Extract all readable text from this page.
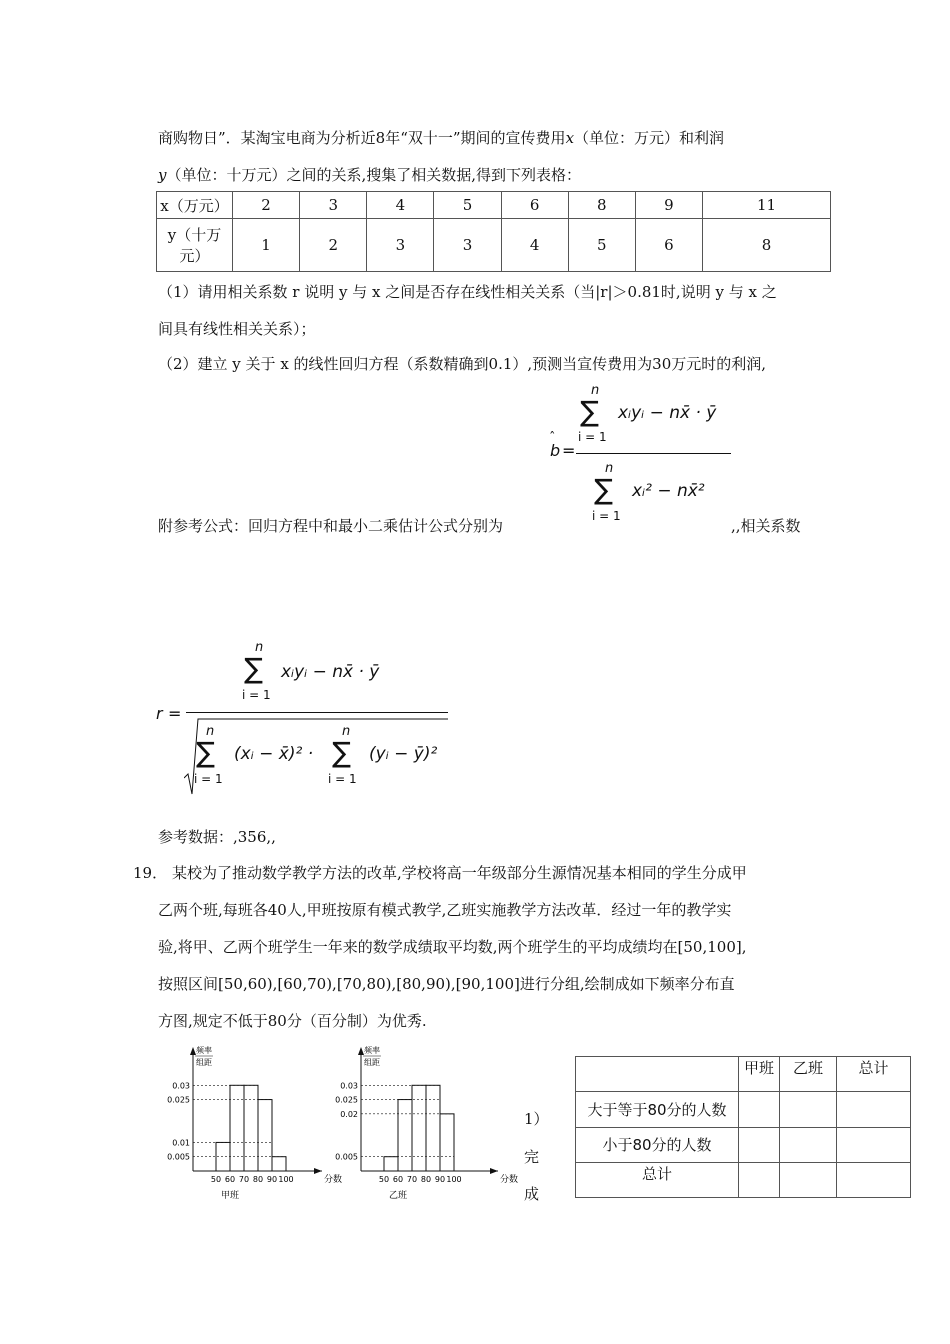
商购物日”．某淘宝电商为分析近8年“双十一”期间的宣传费用x（单位：万元）和利润
y（单位：十万元）之间的关系,搜集了相关数据,得到下列表格：
x（万元）	2	3	4	5	6	8	9	11
y（十万元）	1	2	3	3	4	5	6	8
（1）请用相关系数 r 说明 y 与 x 之间是否存在线性相关关系（当|r|＞0.81时,说明 y 与 x 之
间具有线性相关关系）；
（2）建立 y 关于 x 的线性回归方程（系数精确到0.1）,预测当宣传费用为30万元时的利润,
ˆ
b =
n
∑
i = 1
xᵢyᵢ − nx̄ · ȳ
n
∑
i = 1
xᵢ² − nx̄²
附参考公式：回归方程中和最小二乘估计公式分别为	,,相关系数
r =
n
∑
i = 1
xᵢyᵢ − nx̄ · ȳ
n
∑
i = 1
(xᵢ − x̄)² ·
n
∑
i = 1
(yᵢ − ȳ)²
参考数据：,356,,
19． 某校为了推动数学教学方法的改革,学校将高一年级部分生源情况基本相同的学生分成甲
乙两个班,每班各40人,甲班按原有模式教学,乙班实施教学方法改革．经过一年的教学实
验,将甲、乙两个班学生一年来的数学成绩取平均数,两个班学生的平均成绩均在[50,100],
按照区间[50,60),[60,70),[70,80),[80,90),[90,100]进行分组,绘制成如下频率分布直
方图,规定不低于80分（百分制）为优秀.
频率
组距
0.03
0.025
0.01
0.005
50 60 70 80 90 100	分数
甲班
频率
组距
0.03
0.025
0.02
0.005
50 60 70 80 90 100	分数
乙班
1）
完
成
	甲班	乙班	总计
大于等于80分的人数			
小于80分的人数			
总计			
